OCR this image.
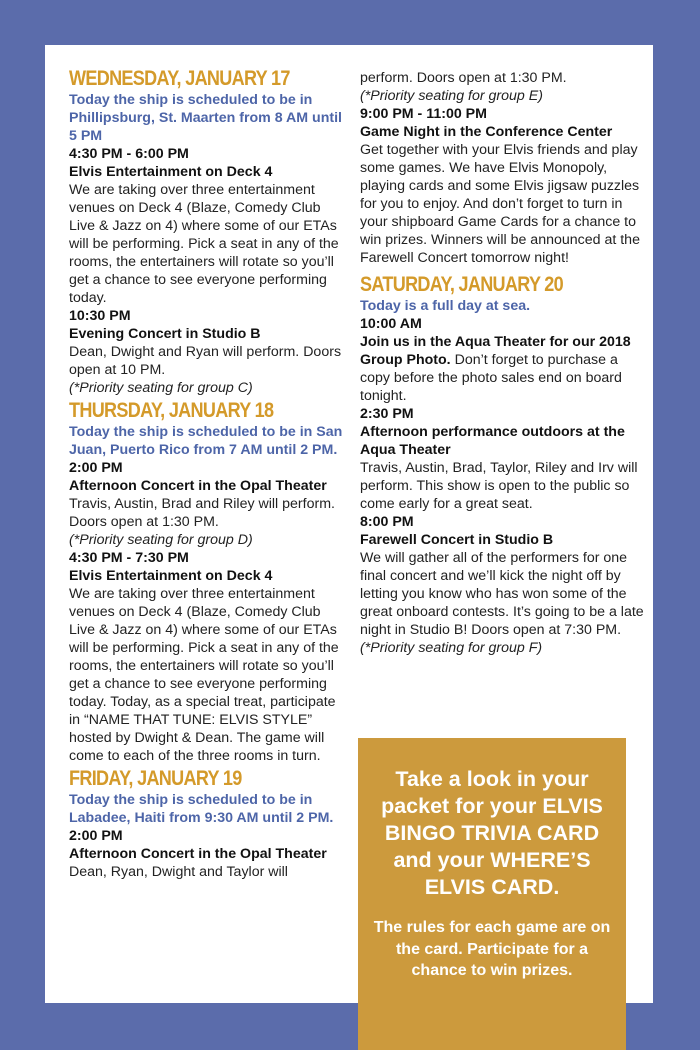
WEDNESDAY, JANUARY 17
Today the ship is scheduled to be in Phillipsburg, St. Maarten from 8 AM until 5 PM
4:30 PM - 6:00 PM
Elvis Entertainment on Deck 4
We are taking over three entertainment venues on Deck 4 (Blaze, Comedy Club Live & Jazz on 4) where some of our ETAs will be performing. Pick a seat in any of the rooms, the entertainers will rotate so you’ll get a chance to see everyone performing today.
10:30 PM
Evening Concert in Studio B
Dean, Dwight and Ryan will perform. Doors open at 10 PM.
(*Priority seating for group C)
THURSDAY, JANUARY 18
Today the ship is scheduled to be in San Juan, Puerto Rico from 7 AM until 2 PM.
2:00 PM
Afternoon Concert in the Opal Theater
Travis, Austin, Brad and Riley will perform. Doors open at 1:30 PM.
(*Priority seating for group D)
4:30 PM - 7:30 PM
Elvis Entertainment on Deck 4
We are taking over three entertainment venues on Deck 4 (Blaze, Comedy Club Live & Jazz on 4) where some of our ETAs will be performing. Pick a seat in any of the rooms, the entertainers will rotate so you’ll get a chance to see everyone performing today. Today, as a special treat, participate in “NAME THAT TUNE: ELVIS STYLE” hosted by Dwight & Dean. The game will come to each of the three rooms in turn.
FRIDAY, JANUARY 19
Today the ship is scheduled to be in Labadee, Haiti from 9:30 AM until 2 PM.
2:00 PM
Afternoon Concert in the Opal Theater
Dean, Ryan, Dwight and Taylor will
perform. Doors open at 1:30 PM.
(*Priority seating for group E)
9:00 PM - 11:00 PM
Game Night in the Conference Center
Get together with your Elvis friends and play some games. We have Elvis Monopoly, playing cards and some Elvis jigsaw puzzles for you to enjoy. And don’t forget to turn in your shipboard Game Cards for a chance to win prizes. Winners will be announced at the Farewell Concert tomorrow night!
SATURDAY, JANUARY 20
Today is a full day at sea.
10:00 AM
Join us in the Aqua Theater for our 2018 Group Photo. Don’t forget to purchase a copy before the photo sales end on board tonight.
2:30 PM
Afternoon performance outdoors at the Aqua Theater
Travis, Austin, Brad, Taylor, Riley and Irv will perform. This show is open to the public so come early for a great seat.
8:00 PM
Farewell Concert in Studio B
We will gather all of the performers for one final concert and we’ll kick the night off by letting you know who has won some of the great onboard contests. It’s going to be a late night in Studio B! Doors open at 7:30 PM.
(*Priority seating for group F)
Take a look in your packet for your ELVIS BINGO TRIVIA CARD and your WHERE’S ELVIS CARD.
The rules for each game are on the card. Participate for a chance to win prizes.
